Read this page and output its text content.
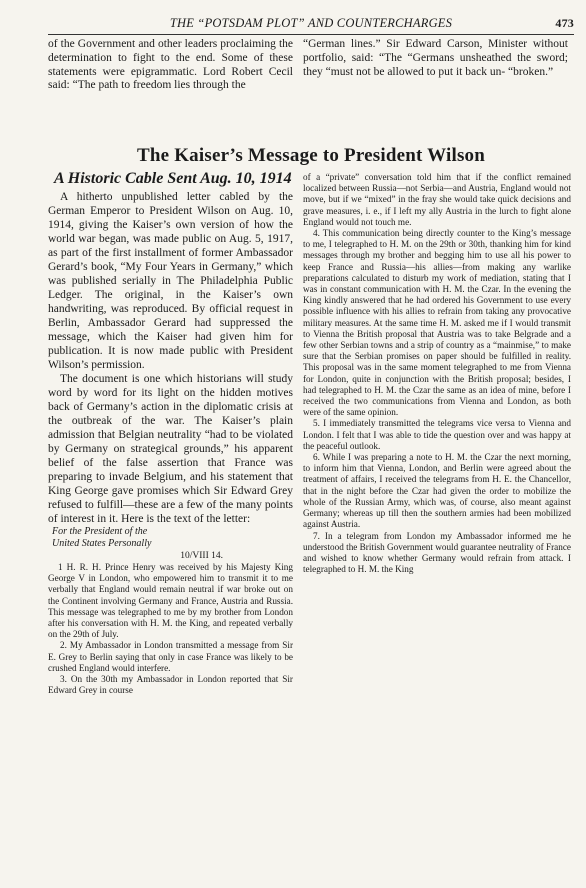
THE “POTSDAM PLOT” AND COUNTERCHARGES	473

of the Government and other leaders proclaiming the determination to fight to the end. Some of these statements were epigrammatic. Lord Robert Cecil said: “The path to freedom lies through the

“German lines.” Sir Edward Carson, Minister without portfolio, said: “The “Germans unsheathed the sword; they “must not be allowed to put it back un- “broken.”

The Kaiser’s Message to President Wilson
A Historic Cable Sent Aug. 10, 1914

A hitherto unpublished letter cabled by the German Emperor to President Wilson on Aug. 10, 1914, giving the Kaiser’s own version of how the world war began, was made public on Aug. 5, 1917, as part of the first installment of former Ambassador Gerard’s book, “My Four Years in Germany,” which was published serially in The Philadelphia Public Ledger. The original, in the Kaiser’s own handwriting, was reproduced. By official request in Berlin, Ambassador Gerard had suppressed the message, which the Kaiser had given him for publication. It is now made public with President Wilson’s permission.

The document is one which historians will study word by word for its light on the hidden motives back of Germany’s action in the diplomatic crisis at the outbreak of the war. The Kaiser’s plain admission that Belgian neutrality “had to be violated by Germany on strategical grounds,” his apparent belief of the false assertion that France was preparing to invade Belgium, and his statement that King George gave promises which Sir Edward Grey refused to fulfill—these are a few of the many points of interest in it. Here is the text of the letter:

For the President of the
United States Personally
10/VIII 14.

1 H. R. H. Prince Henry was received by his Majesty King George V in London, who empowered him to transmit it to me verbally that England would remain neutral if war broke out on the Continent involving Germany and France, Austria and Russia. This message was telegraphed to me by my brother from London after his conversation with H. M. the King, and repeated verbally on the 29th of July.

2. My Ambassador in London transmitted a message from Sir E. Grey to Berlin saying that only in case France was likely to be crushed England would interfere.

3. On the 30th my Ambassador in London reported that Sir Edward Grey in course

of a “private” conversation told him that if the conflict remained localized between Russia—not Serbia—and Austria, England would not move, but if we “mixed” in the fray she would take quick decisions and grave measures, i. e., if I left my ally Austria in the lurch to fight alone England would not touch me.

4. This communication being directly counter to the King’s message to me, I telegraphed to H. M. on the 29th or 30th, thanking him for kind messages through my brother and begging him to use all his power to keep France and Russia—his allies—from making any warlike preparations calculated to disturb my work of mediation, stating that I was in constant communication with H. M. the Czar. In the evening the King kindly answered that he had ordered his Government to use every possible influence with his allies to refrain from taking any provocative military measures. At the same time H. M. asked me if I would transmit to Vienna the British proposal that Austria was to take Belgrade and a few other Serbian towns and a strip of country as a “mainmise,” to make sure that the Serbian promises on paper should be fulfilled in reality. This proposal was in the same moment telegraphed to me from Vienna for London, quite in conjunction with the British proposal; besides, I had telegraphed to H. M. the Czar the same as an idea of mine, before I received the two communications from Vienna and London, as both were of the same opinion.

5. I immediately transmitted the telegrams vice versa to Vienna and London. I felt that I was able to tide the question over and was happy at the peaceful outlook.

6. While I was preparing a note to H. M. the Czar the next morning, to inform him that Vienna, London, and Berlin were agreed about the treatment of affairs, I received the telegrams from H. E. the Chancellor, that in the night before the Czar had given the order to mobilize the whole of the Russian Army, which was, of course, also meant against Germany; whereas up till then the southern armies had been mobilized against Austria.

7. In a telegram from London my Ambassador informed me he understood the British Government would guarantee neutrality of France and wished to know whether Germany would refrain from attack. I telegraphed to H. M. the King
